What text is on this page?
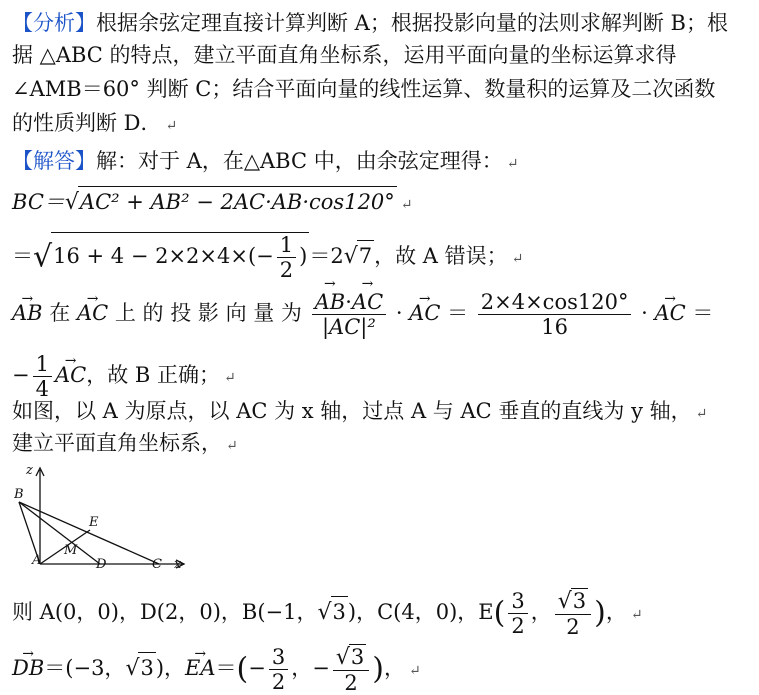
【分析】根据余弦定理直接计算判断 A；根据投影向量的法则求解判断 B；根
据 △ABC 的特点，建立平面直角坐标系，运用平面向量的坐标运算求得
∠AMB＝60° 判断 C；结合平面向量的线性运算、数量积的运算及二次函数
的性质判断 D． ↵
【解答】解：对于 A，在△ABC 中，由余弦定理得： ↵
BC＝√AC² + AB² − 2AC·AB·cos120° ↵
$=√16 + 4 - 2\times 2\times 4\times(- \frac{1}{2} )=2√7$，故 A 错误； ↵
→ AB 在 → AC 上 的 投 影 向 量 为 → $\frac{AB\cdot\to AC}{\text{|AC|²}}$ · → AC ＝ $\frac{2\times 4\times\cos 120^\circ}{16}$ · → AC ＝
− $\frac{1}{4}$ → AC，故 B 正确； ↵
如图，以 A 为原点，以 AC 为 x 轴，过点 A 与 AC 垂直的直线为 y 轴， ↵
建立平面直角坐标系， ↵
z
B
E
M
A	D	C x
则 A(0，0)，D(2，0)，B(−1，√3)，C(4，0)，$E( \frac{3}{2}$ ， $\frac{√3}{2}$ )， ↵
→ DB＝(−3，√3)，→ $EA=(- \frac{3}{2}$ ，− $\frac{√3}{2}$ )， ↵
